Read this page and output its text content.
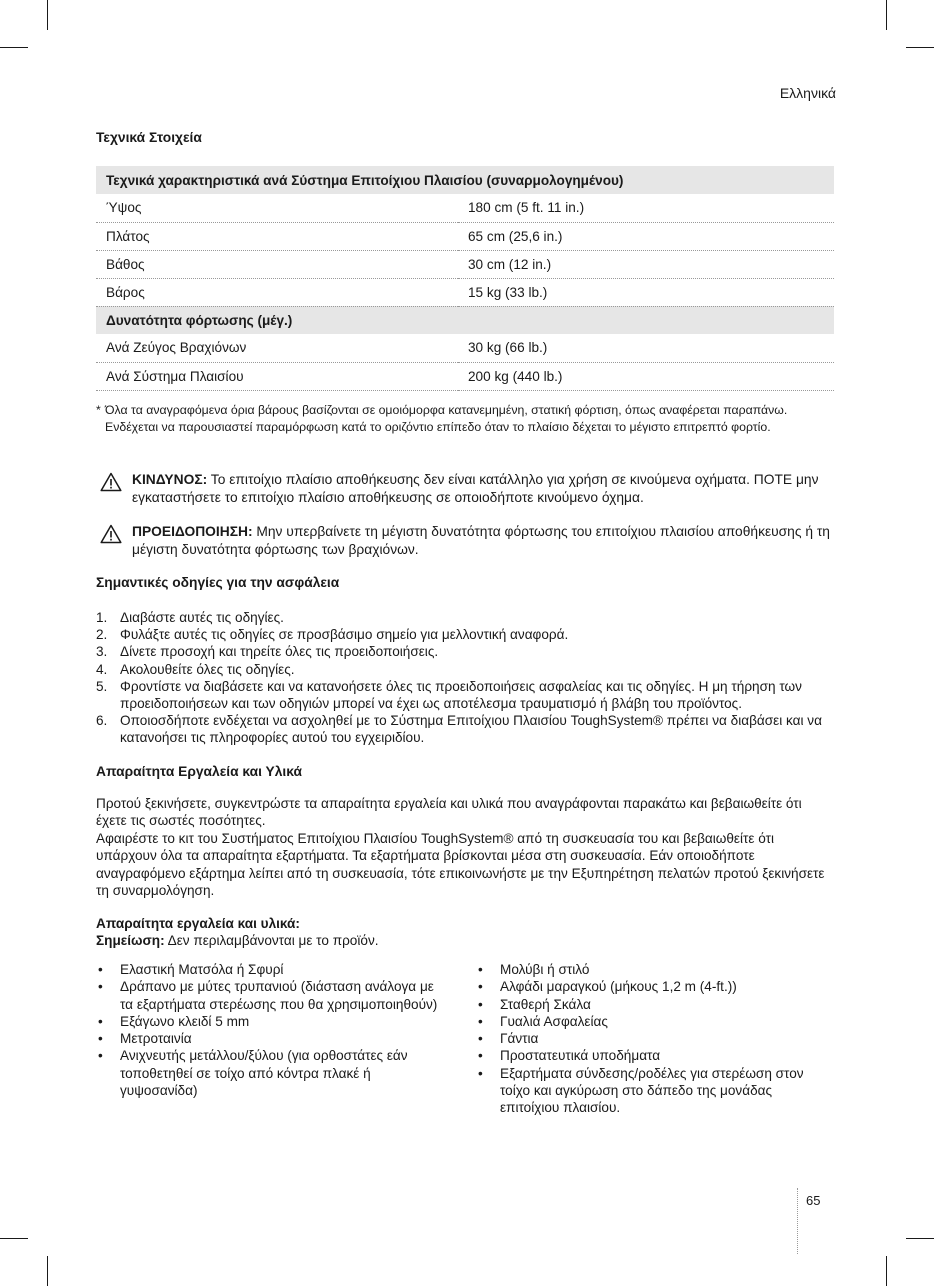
Ελληνικά
Τεχνικά Στοιχεία
Τεχνικά χαρακτηριστικά ανά Σύστημα Επιτοίχιου Πλαισίου (συναρμολογημένου)	
Ύψος	180 cm (5 ft. 11 in.)
Πλάτος	65 cm (25,6 in.)
Βάθος	30 cm (12 in.)
Βάρος	15 kg (33 lb.)
Δυνατότητα φόρτωσης (μέγ.)	
Ανά Ζεύγος Βραχιόνων	30 kg (66 lb.)
Ανά Σύστημα Πλαισίου	200 kg (440 lb.)
* Όλα τα αναγραφόμενα όρια βάρους βασίζονται σε ομοιόμορφα κατανεμημένη, στατική φόρτιση, όπως αναφέρεται παραπάνω. Ενδέχεται να παρουσιαστεί παραμόρφωση κατά το οριζόντιο επίπεδο όταν το πλαίσιο δέχεται το μέγιστο επιτρεπτό φορτίο.
ΚΙΝΔΥΝΟΣ: Το επιτοίχιο πλαίσιο αποθήκευσης δεν είναι κατάλληλο για χρήση σε κινούμενα οχήματα. ΠΟΤΕ μην εγκαταστήσετε το επιτοίχιο πλαίσιο αποθήκευσης σε οποιοδήποτε κινούμενο όχημα.
ΠΡΟΕΙΔΟΠΟΙΗΣΗ: Μην υπερβαίνετε τη μέγιστη δυνατότητα φόρτωσης του επιτοίχιου πλαισίου αποθήκευσης ή τη μέγιστη δυνατότητα φόρτωσης των βραχιόνων.
Σημαντικές οδηγίες για την ασφάλεια
1. Διαβάστε αυτές τις οδηγίες.
2. Φυλάξτε αυτές τις οδηγίες σε προσβάσιμο σημείο για μελλοντική αναφορά.
3. Δίνετε προσοχή και τηρείτε όλες τις προειδοποιήσεις.
4. Ακολουθείτε όλες τις οδηγίες.
5. Φροντίστε να διαβάσετε και να κατανοήσετε όλες τις προειδοποιήσεις ασφαλείας και τις οδηγίες. Η μη τήρηση των προειδοποιήσεων και των οδηγιών μπορεί να έχει ως αποτέλεσμα τραυματισμό ή βλάβη του προϊόντος.
6. Οποιοσδήποτε ενδέχεται να ασχοληθεί με το Σύστημα Επιτοίχιου Πλαισίου ToughSystem® πρέπει να διαβάσει και να κατανοήσει τις πληροφορίες αυτού του εγχειριδίου.
Απαραίτητα Εργαλεία και Υλικά

Προτού ξεκινήσετε, συγκεντρώστε τα απαραίτητα εργαλεία και υλικά που αναγράφονται παρακάτω και βεβαιωθείτε ότι έχετε τις σωστές ποσότητες.

Αφαιρέστε το κιτ του Συστήματος Επιτοίχιου Πλαισίου ToughSystem® από τη συσκευασία του και βεβαιωθείτε ότι υπάρχουν όλα τα απαραίτητα εξαρτήματα. Τα εξαρτήματα βρίσκονται μέσα στη συσκευασία. Εάν οποιοδήποτε αναγραφόμενο εξάρτημα λείπει από τη συσκευασία, τότε επικοινωνήστε με την Εξυπηρέτηση πελατών προτού ξεκινήσετε τη συναρμολόγηση.

Απαραίτητα εργαλεία και υλικά:
Σημείωση: Δεν περιλαμβάνονται με το προϊόν.
• Ελαστική Ματσόλα ή Σφυρί
• Δράπανο με μύτες τρυπανιού (διάσταση ανάλογα με τα εξαρτήματα στερέωσης που θα χρησιμοποιηθούν)
• Εξάγωνο κλειδί 5 mm
• Μετροταινία
• Ανιχνευτής μετάλλου/ξύλου (για ορθοστάτες εάν τοποθετηθεί σε τοίχο από κόντρα πλακέ ή γυψοσανίδα)
• Μολύβι ή στιλό
• Αλφάδι μαραγκού (μήκους 1,2 m (4-ft.))
• Σταθερή Σκάλα
• Γυαλιά Ασφαλείας
• Γάντια
• Προστατευτικά υποδήματα
• Εξαρτήματα σύνδεσης/ροδέλες για στερέωση στον τοίχο και αγκύρωση στο δάπεδο της μονάδας επιτοίχιου πλαισίου.
65
